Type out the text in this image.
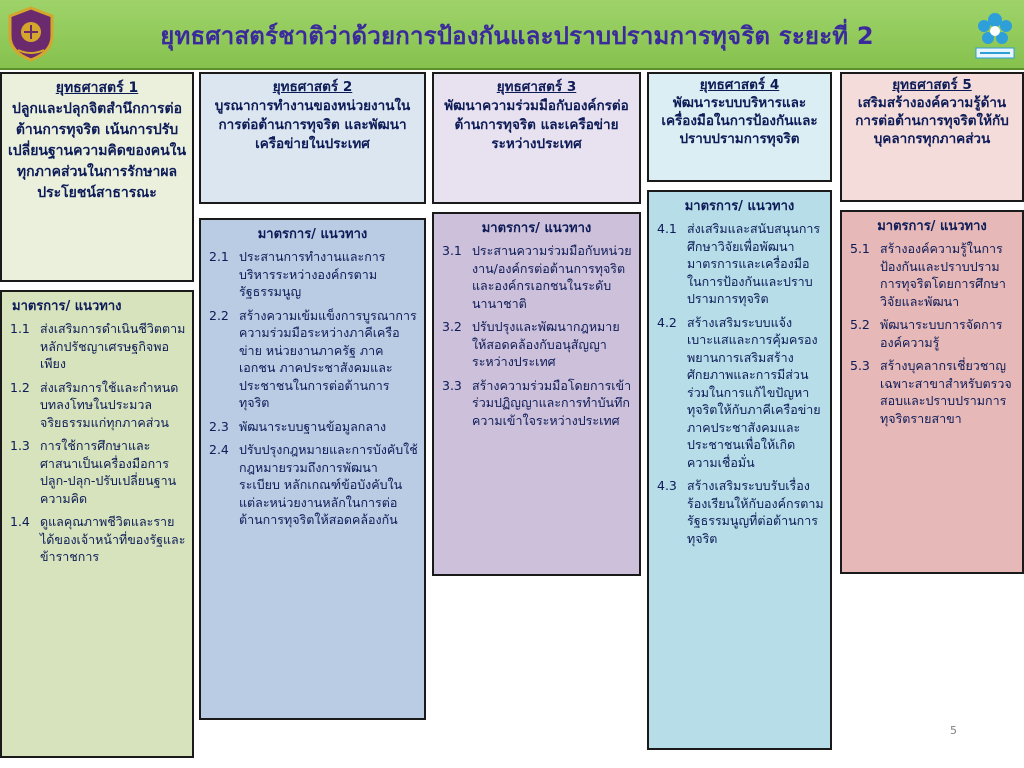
ยุทธศาสตร์ชาติว่าด้วยการป้องกันและปราบปรามการทุจริต ระยะที่ 2
ยุทธศาสตร์ 1
ปลูกและปลุกจิตสำนึกการต่อต้านการทุจริต เน้นการปรับเปลี่ยนฐานความคิดของคนในทุกภาคส่วนในการรักษาผลประโยชน์สาธารณะ
ยุทธศาสตร์ 2
บูรณาการทำงานของหน่วยงานในการต่อต้านการทุจริต และพัฒนาเครือข่ายในประเทศ
ยุทธศาสตร์ 3
พัฒนาความร่วมมือกับองค์กรต่อต้านการทุจริต และเครือข่ายระหว่างประเทศ
ยุทธศาสตร์ 4
พัฒนาระบบบริหารและเครื่องมือในการป้องกันและปราบปรามการทุจริต
ยุทธศาสตร์ 5
เสริมสร้างองค์ความรู้ด้านการต่อต้านการทุจริตให้กับบุคลากรทุกภาคส่วน
มาตรการ/ แนวทาง
1.1 ส่งเสริมการดำเนินชีวิตตามหลักปรัชญาเศรษฐกิจพอเพียง
1.2 ส่งเสริมการใช้และกำหนดบทลงโทษในประมวลจริยธรรมแก่ทุกภาคส่วน
1.3 การใช้การศึกษาและศาสนาเป็นเครื่องมือการปลูก-ปลุก-ปรับเปลี่ยนฐานความคิด
1.4 ดูแลคุณภาพชีวิตและรายได้ของเจ้าหน้าที่ของรัฐและข้าราชการ
มาตรการ/ แนวทาง
2.1 ประสานการทำงานและการบริหารระหว่างองค์กรตามรัฐธรรมนูญ
2.2 สร้างความเข้มแข็งการบูรณาการความร่วมมือระหว่างภาคีเครือข่าย หน่วยงานภาครัฐ ภาคเอกชน ภาคประชาสังคมและประชาชนในการต่อต้านการทุจริต
2.3 พัฒนาระบบฐานข้อมูลกลาง
2.4 ปรับปรุงกฎหมายและการบังคับใช้กฎหมายรวมถึงการพัฒนาระเบียบ หลักเกณฑ์ข้อบังคับในแต่ละหน่วยงานหลักในการต่อต้านการทุจริตให้สอดคล้องกัน
มาตรการ/ แนวทาง
3.1 ประสานความร่วมมือกับหน่วยงาน/องค์กรต่อต้านการทุจริตและองค์กรเอกชนในระดับนานาชาติ
3.2 ปรับปรุงและพัฒนากฎหมายให้สอดคล้องกับอนุสัญญาระหว่างประเทศ
3.3 สร้างความร่วมมือโดยการเข้าร่วมปฏิญญาและการทำบันทึกความเข้าใจระหว่างประเทศ
มาตรการ/ แนวทาง
4.1 ส่งเสริมและสนับสนุนการศึกษาวิจัยเพื่อพัฒนามาตรการและเครื่องมือในการป้องกันและปราบปรามการทุจริต
4.2 สร้างเสริมระบบแจ้งเบาะแสและการคุ้มครองพยานการเสริมสร้างศักยภาพและการมีส่วนร่วมในการแก้ไขปัญหาทุจริตให้กับภาคีเครือข่ายภาคประชาสังคมและประชาชนเพื่อให้เกิดความเชื่อมั่น
4.3 สร้างเสริมระบบรับเรื่องร้องเรียนให้กับองค์กรตามรัฐธรรมนูญที่ต่อต้านการทุจริต
มาตรการ/ แนวทาง
5.1 สร้างองค์ความรู้ในการป้องกันและปราบปรามการทุจริตโดยการศึกษาวิจัยและพัฒนา
5.2 พัฒนาระบบการจัดการองค์ความรู้
5.3 สร้างบุคลากรเชี่ยวชาญเฉพาะสาขาสำหรับตรวจสอบและปราบปรามการทุจริตรายสาขา
5
